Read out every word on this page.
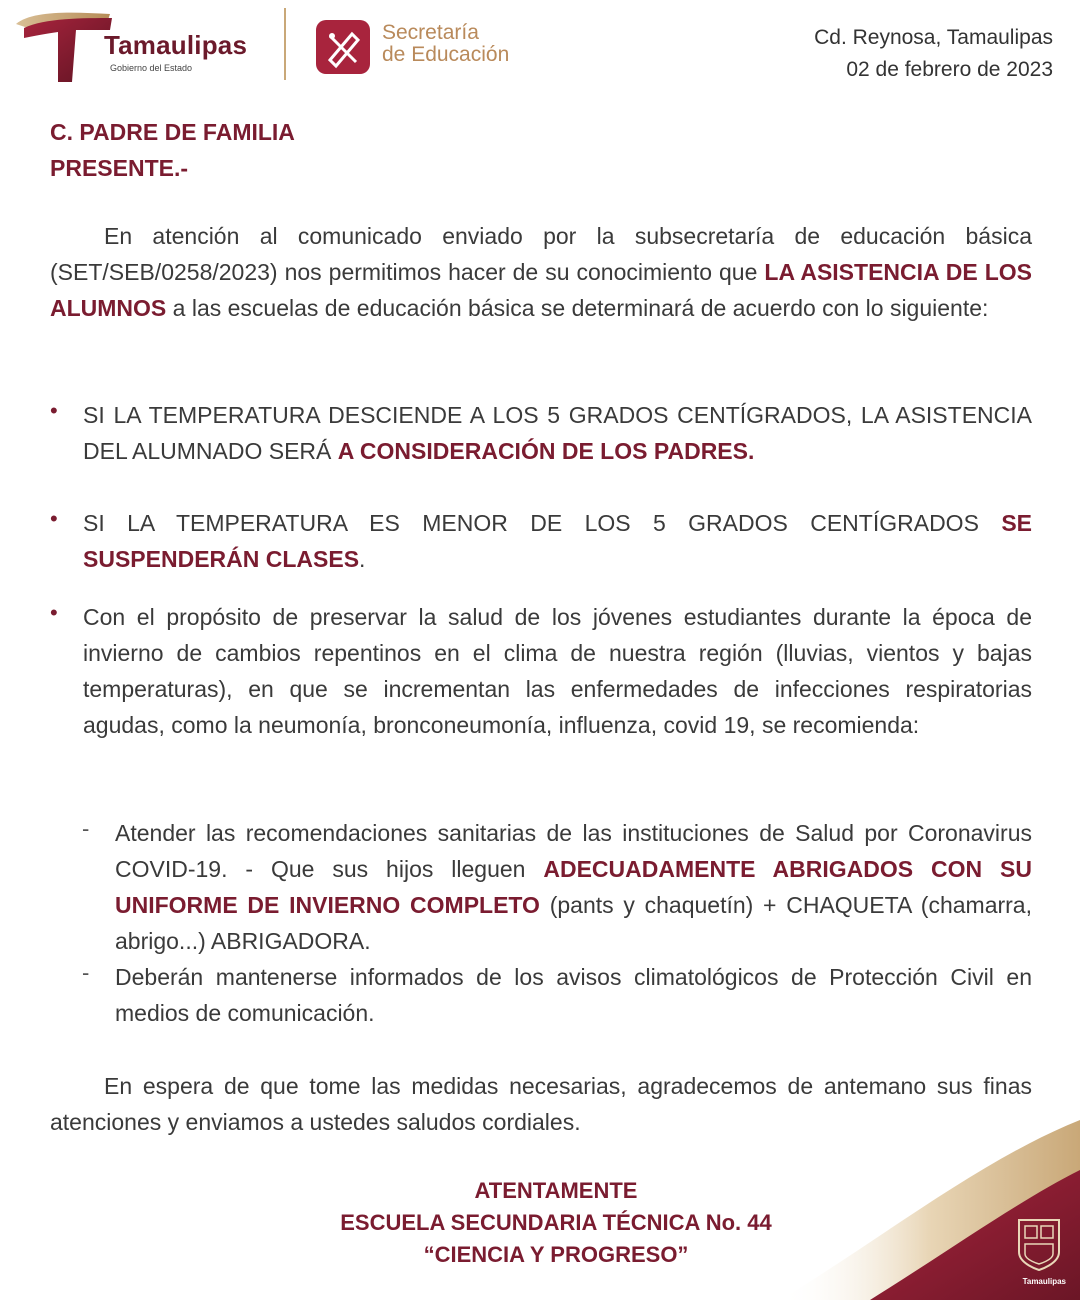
Tamaulipas
Gobierno del Estado
Secretaría
de Educación
Cd. Reynosa, Tamaulipas
02 de febrero de 2023
C. PADRE DE FAMILIA
PRESENTE.-
En atención al comunicado enviado por la subsecretaría de educación básica (SET/SEB/0258/2023) nos permitimos hacer de su conocimiento que LA ASISTENCIA DE LOS ALUMNOS a las escuelas de educación básica se determinará de acuerdo con lo siguiente:
• SI LA TEMPERATURA DESCIENDE A LOS 5 GRADOS CENTÍGRADOS, LA ASISTENCIA DEL ALUMNADO SERÁ A CONSIDERACIÓN DE LOS PADRES.
• SI LA TEMPERATURA ES MENOR DE LOS 5 GRADOS CENTÍGRADOS SE SUSPENDERÁN CLASES.
• Con el propósito de preservar la salud de los jóvenes estudiantes durante la época de invierno de cambios repentinos en el clima de nuestra región (lluvias, vientos y bajas temperaturas), en que se incrementan las enfermedades de infecciones respiratorias agudas, como la neumonía, bronconeumonía, influenza, covid 19, se recomienda:
- Atender las recomendaciones sanitarias de las instituciones de Salud por Coronavirus COVID-19. - Que sus hijos lleguen ADECUADAMENTE ABRIGADOS CON SU UNIFORME DE INVIERNO COMPLETO (pants y chaquetín) + CHAQUETA (chamarra, abrigo...) ABRIGADORA.
- Deberán mantenerse informados de los avisos climatológicos de Protección Civil en medios de comunicación.
En espera de que tome las medidas necesarias, agradecemos de antemano sus finas atenciones y enviamos a ustedes saludos cordiales.
ATENTAMENTE
ESCUELA SECUNDARIA TÉCNICA No. 44
“CIENCIA Y PROGRESO”
Tamaulipas
